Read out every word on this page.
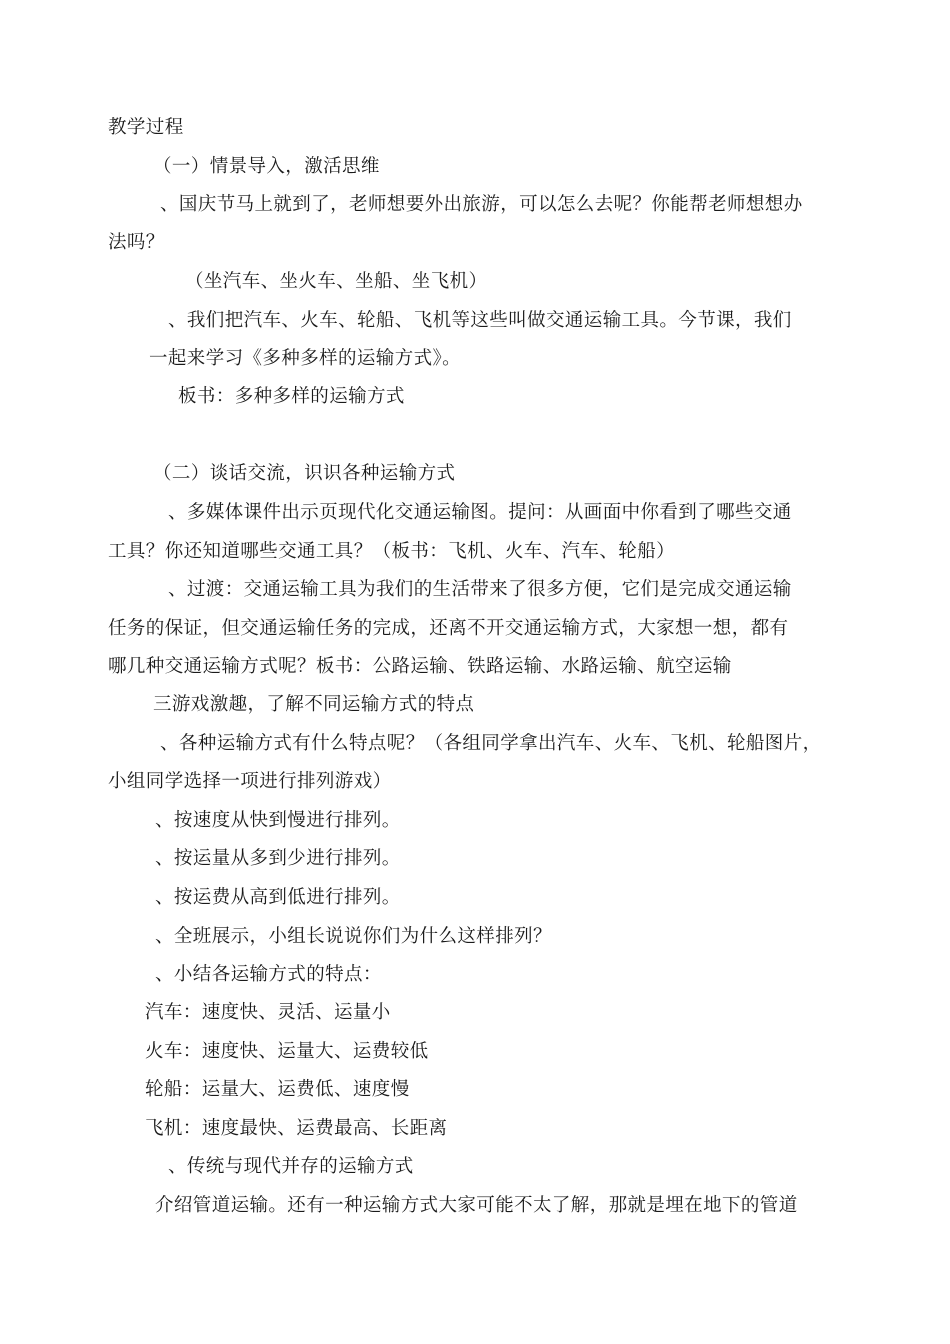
教学过程
（一）情景导入，激活思维
、国庆节马上就到了，老师想要外出旅游，可以怎么去呢？你能帮老师想想办
法吗？
（坐汽车、坐火车、坐船、坐飞机）
、我们把汽车、火车、轮船、飞机等这些叫做交通运输工具。今节课，我们
一起来学习《多种多样的运输方式》。
板书：多种多样的运输方式
（二）谈话交流，识识各种运输方式
、多媒体课件出示页现代化交通运输图。提问：从画面中你看到了哪些交通
工具？你还知道哪些交通工具？（板书：飞机、火车、汽车、轮船）
、过渡：交通运输工具为我们的生活带来了很多方便，它们是完成交通运输
任务的保证，但交通运输任务的完成，还离不开交通运输方式，大家想一想，都有
哪几种交通运输方式呢？板书：公路运输、铁路运输、水路运输、航空运输
三游戏激趣，了解不同运输方式的特点
、各种运输方式有什么特点呢？（各组同学拿出汽车、火车、飞机、轮船图片，
小组同学选择一项进行排列游戏）
、按速度从快到慢进行排列。
、按运量从多到少进行排列。
、按运费从高到低进行排列。
、全班展示，小组长说说你们为什么这样排列？
、小结各运输方式的特点：
汽车：速度快、灵活、运量小
火车：速度快、运量大、运费较低
轮船：运量大、运费低、速度慢
飞机：速度最快、运费最高、长距离
、传统与现代并存的运输方式
介绍管道运输。还有一种运输方式大家可能不太了解，那就是埋在地下的管道
